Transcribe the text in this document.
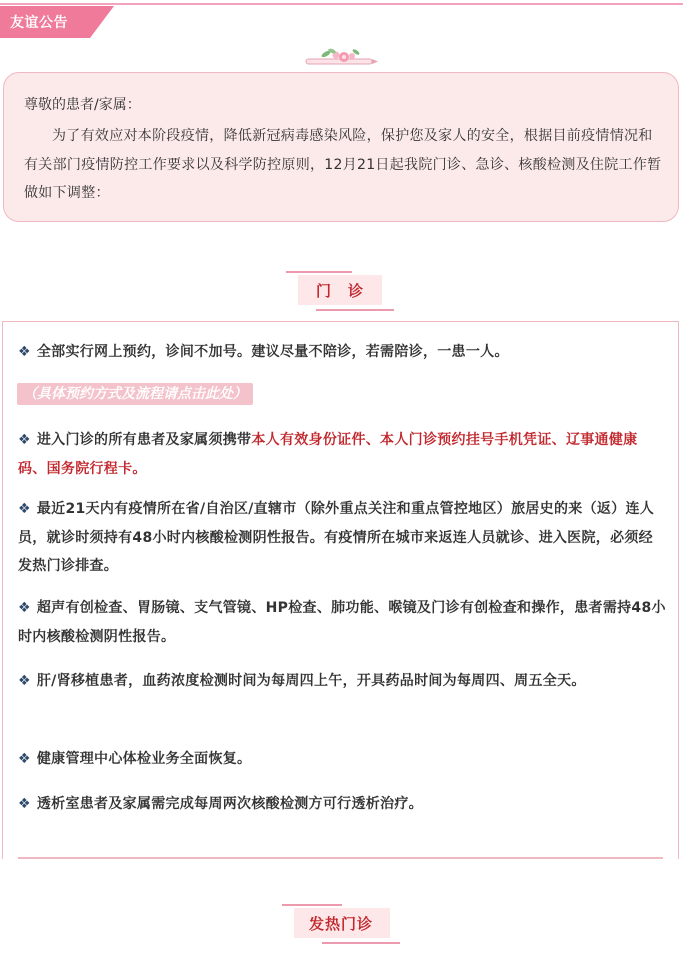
友谊公告
尊敬的患者/家属：
为了有效应对本阶段疫情，降低新冠病毒感染风险，保护您及家人的安全，根据目前疫情情况和有关部门疫情防控工作要求以及科学防控原则，12月21日起我院门诊、急诊、核酸检测及住院工作暂做如下调整：
门　诊
❖ 全部实行网上预约，诊间不加号。建议尽量不陪诊，若需陪诊，一患一人。
（具体预约方式及流程请点击此处）
❖ 进入门诊的所有患者及家属须携带本人有效身份证件、本人门诊预约挂号手机凭证、辽事通健康码、国务院行程卡。
❖ 最近21天内有疫情所在省/自治区/直辖市（除外重点关注和重点管控地区）旅居史的来（返）连人员，就诊时须持有48小时内核酸检测阴性报告。有疫情所在城市来返连人员就诊、进入医院，必须经发热门诊排查。
❖ 超声有创检查、胃肠镜、支气管镜、HP检查、肺功能、喉镜及门诊有创检查和操作，患者需持48小时内核酸检测阴性报告。
❖ 肝/肾移植患者，血药浓度检测时间为每周四上午，开具药品时间为每周四、周五全天。
❖ 健康管理中心体检业务全面恢复。
❖ 透析室患者及家属需完成每周两次核酸检测方可行透析治疗。
发热门诊
